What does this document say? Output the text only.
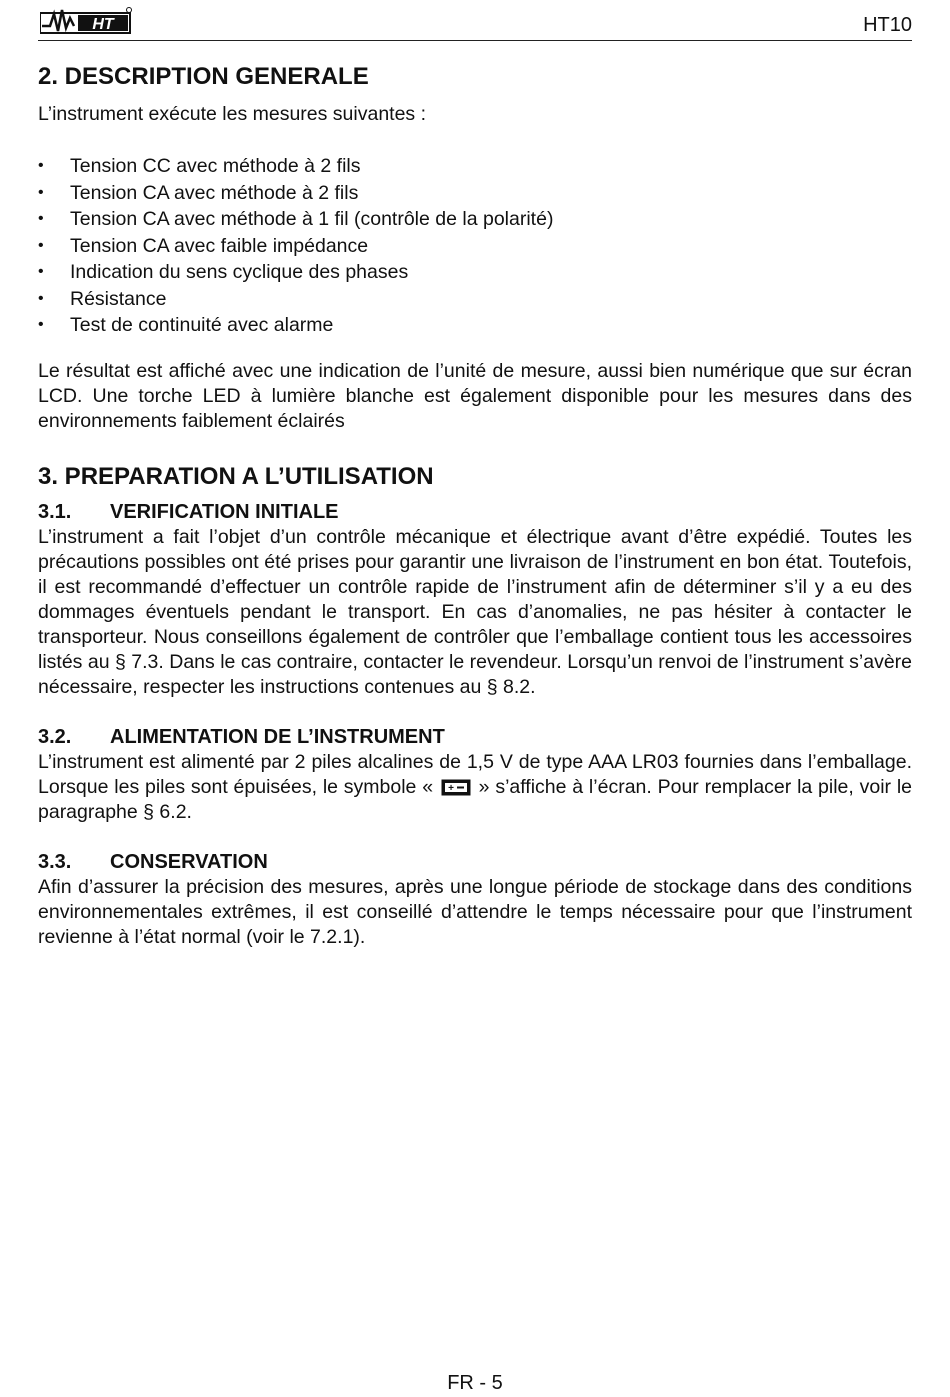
HT	HT10
2. DESCRIPTION GENERALE

L’instrument exécute les mesures suivantes :

• Tension CC avec méthode à 2 fils
• Tension CA avec méthode à 2 fils
• Tension CA avec méthode à 1 fil (contrôle de la polarité)
• Tension CA avec faible impédance
• Indication du sens cyclique des phases
• Résistance
• Test de continuité avec alarme

Le résultat est affiché avec une indication de l’unité de mesure, aussi bien numérique que sur écran LCD. Une torche LED à lumière blanche est également disponible pour les mesures dans des environnements faiblement éclairés

3. PREPARATION A L’UTILISATION
3.1.	VERIFICATION INITIALE

L’instrument a fait l’objet d’un contrôle mécanique et électrique avant d’être expédié. Toutes les précautions possibles ont été prises pour garantir une livraison de l’instrument en bon état. Toutefois, il est recommandé d’effectuer un contrôle rapide de l’instrument afin de déterminer s’il y a eu des dommages éventuels pendant le transport. En cas d’anomalies, ne pas hésiter à contacter le transporteur. Nous conseillons également de contrôler que l’emballage contient tous les accessoires listés au § 7.3. Dans le cas contraire, contacter le revendeur. Lorsqu’un renvoi de l’instrument s’avère nécessaire, respecter les instructions contenues au § 8.2.

3.2.	ALIMENTATION DE L’INSTRUMENT

L’instrument est alimenté par 2 piles alcalines de 1,5 V de type AAA LR03 fournies dans l’emballage. Lorsque les piles sont épuisées, le symbole « + » s’affiche à l’écran. Pour remplacer la pile, voir le paragraphe § 6.2.

3.3.	CONSERVATION

Afin d’assurer la précision des mesures, après une longue période de stockage dans des conditions environnementales extrêmes, il est conseillé d’attendre le temps nécessaire pour que l’instrument revienne à l’état normal (voir le 7.2.1).

FR - 5
